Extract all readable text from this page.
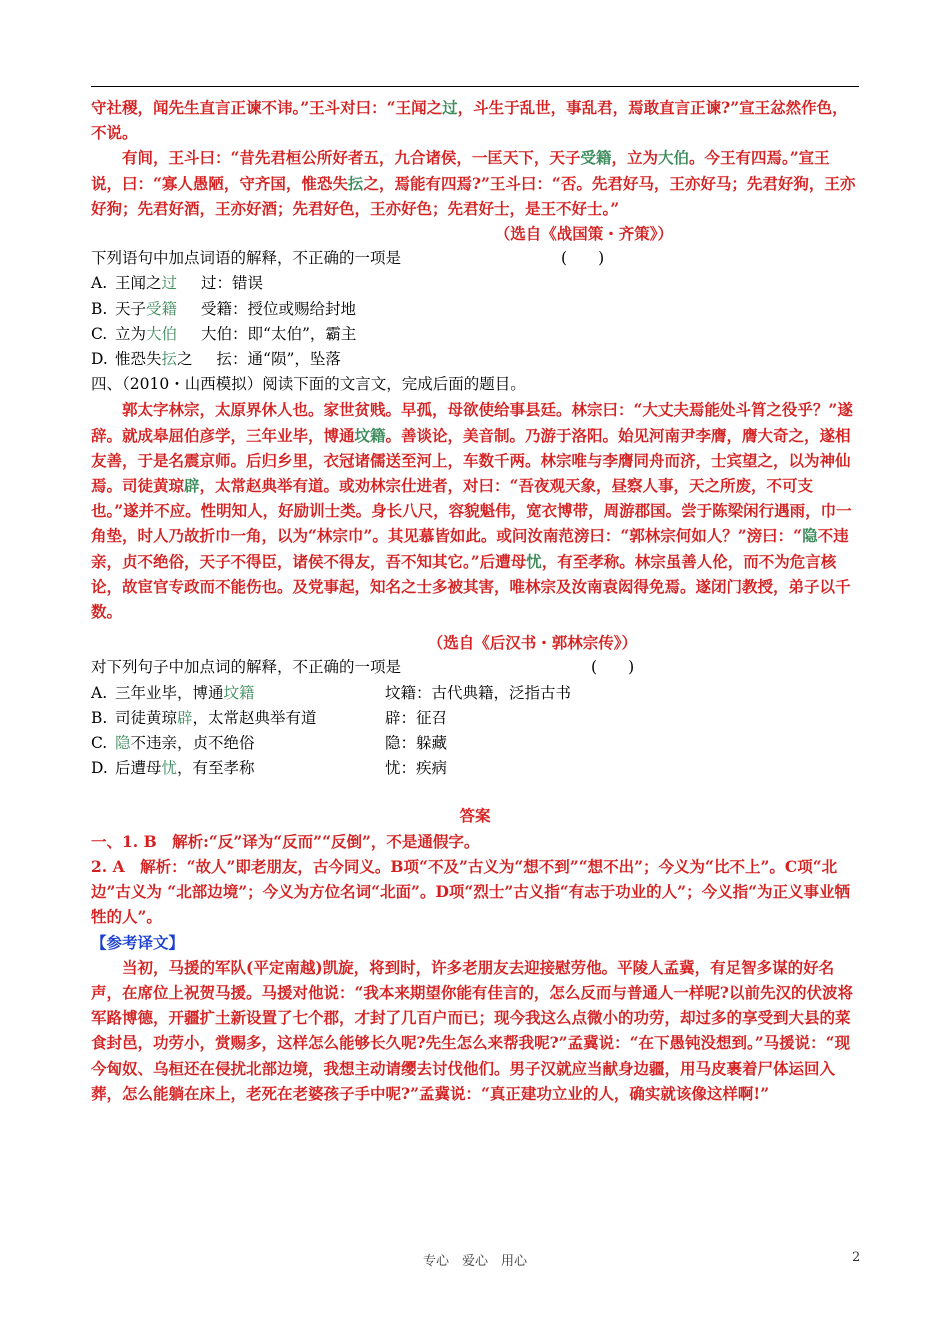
守社稷，闻先生直言正谏不讳。”王斗对曰：“王闻之过，斗生于乱世，事乱君，焉敢直言正谏?”宣王忿然作色，不说。

有间，王斗曰：“昔先君桓公所好者五，九合诸侯，一匡天下，天子受籍，立为大伯。今王有四焉。”宣王说，曰：“寡人愚陋，守齐国，惟恐失抎之，焉能有四焉?”王斗曰：“否。先君好马，王亦好马；先君好狗，王亦好狗；先君好酒，王亦好酒；先君好色，王亦好色；先君好士，是王不好士。”

（选自《战国策・齐策》）

下列语句中加点词语的解释，不正确的一项是	(　　)

A. 王闻之过 过：错误

B. 天子受籍 受籍：授位或赐给封地

C. 立为大伯 大伯：即“太伯”，霸主

D. 惟恐失抎之 抎：通“陨”，坠落

四、（2010・山西模拟）阅读下面的文言文，完成后面的题目。

郭太字林宗，太原界休人也。家世贫贱。早孤，母欲使给事县廷。林宗曰：“大丈夫焉能处斗筲之役乎？”遂辞。就成皋屈伯彦学，三年业毕，博通坟籍。善谈论，美音制。乃游于洛阳。始见河南尹李膺，膺大奇之，遂相友善，于是名震京师。后归乡里，衣冠诸儒送至河上，车数千两。林宗唯与李膺同舟而济，士宾望之，以为神仙焉。司徒黄琼辟，太常赵典举有道。或劝林宗仕进者，对曰：“吾夜观天象，昼察人事，天之所废，不可支也。”遂并不应。性明知人，好励训士类。身长八尺，容貌魁伟，宽衣博带，周游郡国。尝于陈梁闲行遇雨，巾一角垫，时人乃故折巾一角，以为“林宗巾”。其见慕皆如此。或问汝南范滂曰：“郭林宗何如人？”滂曰：“隐不违亲，贞不绝俗，天子不得臣，诸侯不得友，吾不知其它。”后遭母忧，有至孝称。林宗虽善人伦，而不为危言核论，故宦官专政而不能伤也。及党事起，知名之士多被其害，唯林宗及汝南袁闳得免焉。遂闭门教授，弟子以千数。

（选自《后汉书・郭林宗传》）

对下列句子中加点词的解释，不正确的一项是	(　　)

A. 三年业毕，博通坟籍	坟籍：古代典籍，泛指古书

B. 司徒黄琼辟，太常赵典举有道	辟：征召

C. 隐不违亲，贞不绝俗	隐：躲藏

D. 后遭母忧，有至孝称	忧：疾病

答案

一、1. B　解析:“反”译为“反而”“反倒”，不是通假字。

2. A　解析：“故人”即老朋友，古今同义。B项“不及”古义为“想不到”“想不出”；今义为“比不上”。C项“北边”古义为 “北部边境”；今义为方位名词“北面”。D项“烈士”古义指“有志于功业的人”；今义指“为正义事业牺牲的人”。

【参考译文】

当初，马援的军队(平定南越)凯旋，将到时，许多老朋友去迎接慰劳他。平陵人孟冀，有足智多谋的好名声，在席位上祝贺马援。马援对他说：“我本来期望你能有佳言的，怎么反而与普通人一样呢?以前先汉的伏波将军路博德，开疆扩土新设置了七个郡，才封了几百户而已；现今我这么点微小的功劳，却过多的享受到大县的菜食封邑，功劳小，赏赐多，这样怎么能够长久呢?先生怎么来帮我呢?”孟冀说：“在下愚钝没想到。”马援说：“现今匈奴、乌桓还在侵扰北部边境，我想主动请缨去讨伐他们。男子汉就应当献身边疆，用马皮裹着尸体运回入葬，怎么能躺在床上，老死在老婆孩子手中呢?”孟冀说：“真正建功立业的人，确实就该像这样啊!”

专心　爱心　用心	2
